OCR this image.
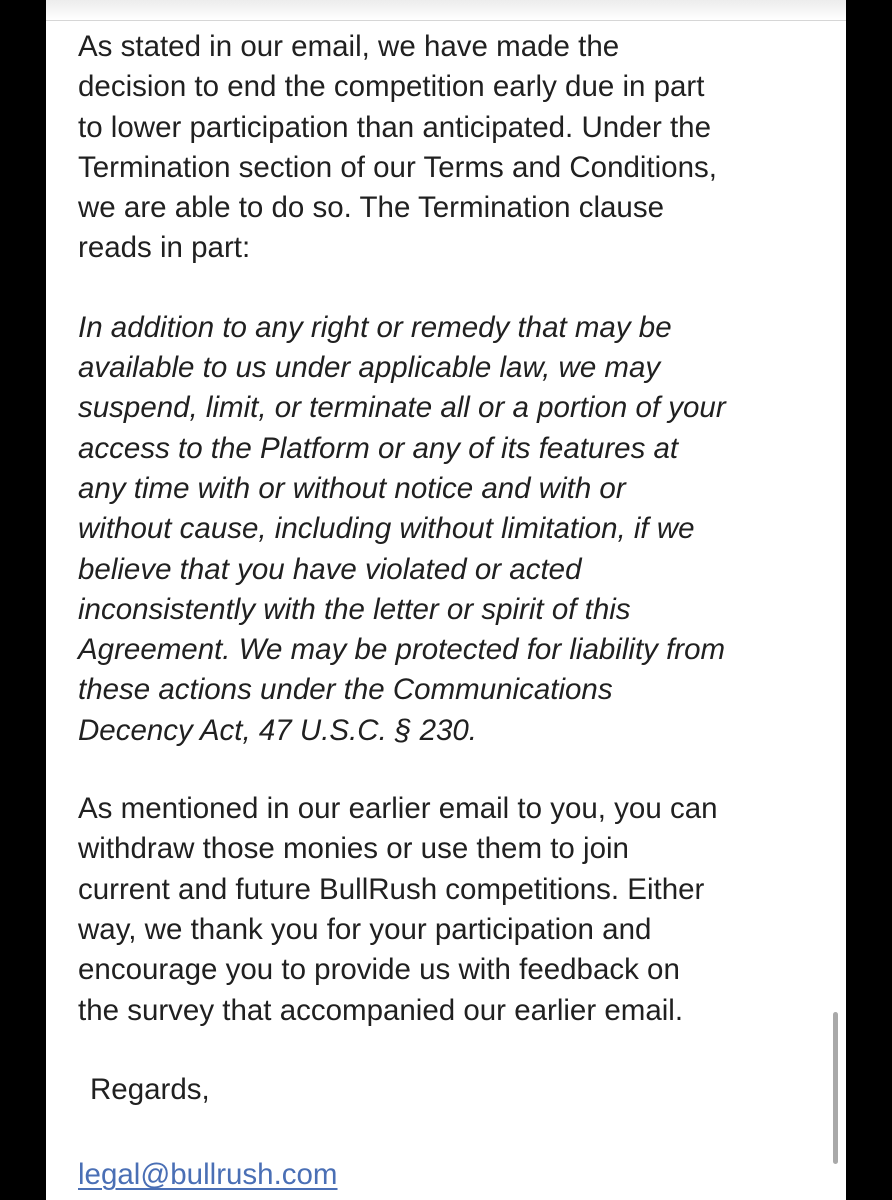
As stated in our email, we have made the
decision to end the competition early due in part
to lower participation than anticipated. Under the
Termination section of our Terms and Conditions,
we are able to do so. The Termination clause
reads in part:

In addition to any right or remedy that may be
available to us under applicable law, we may
suspend, limit, or terminate all or a portion of your
access to the Platform or any of its features at
any time with or without notice and with or
without cause, including without limitation, if we
believe that you have violated or acted
inconsistently with the letter or spirit of this
Agreement. We may be protected for liability from
these actions under the Communications
Decency Act, 47 U.S.C. § 230.

As mentioned in our earlier email to you, you can
withdraw those monies or use them to join
current and future BullRush competitions. Either
way, we thank you for your participation and
encourage you to provide us with feedback on
the survey that accompanied our earlier email.

Regards,

legal@bullrush.com
